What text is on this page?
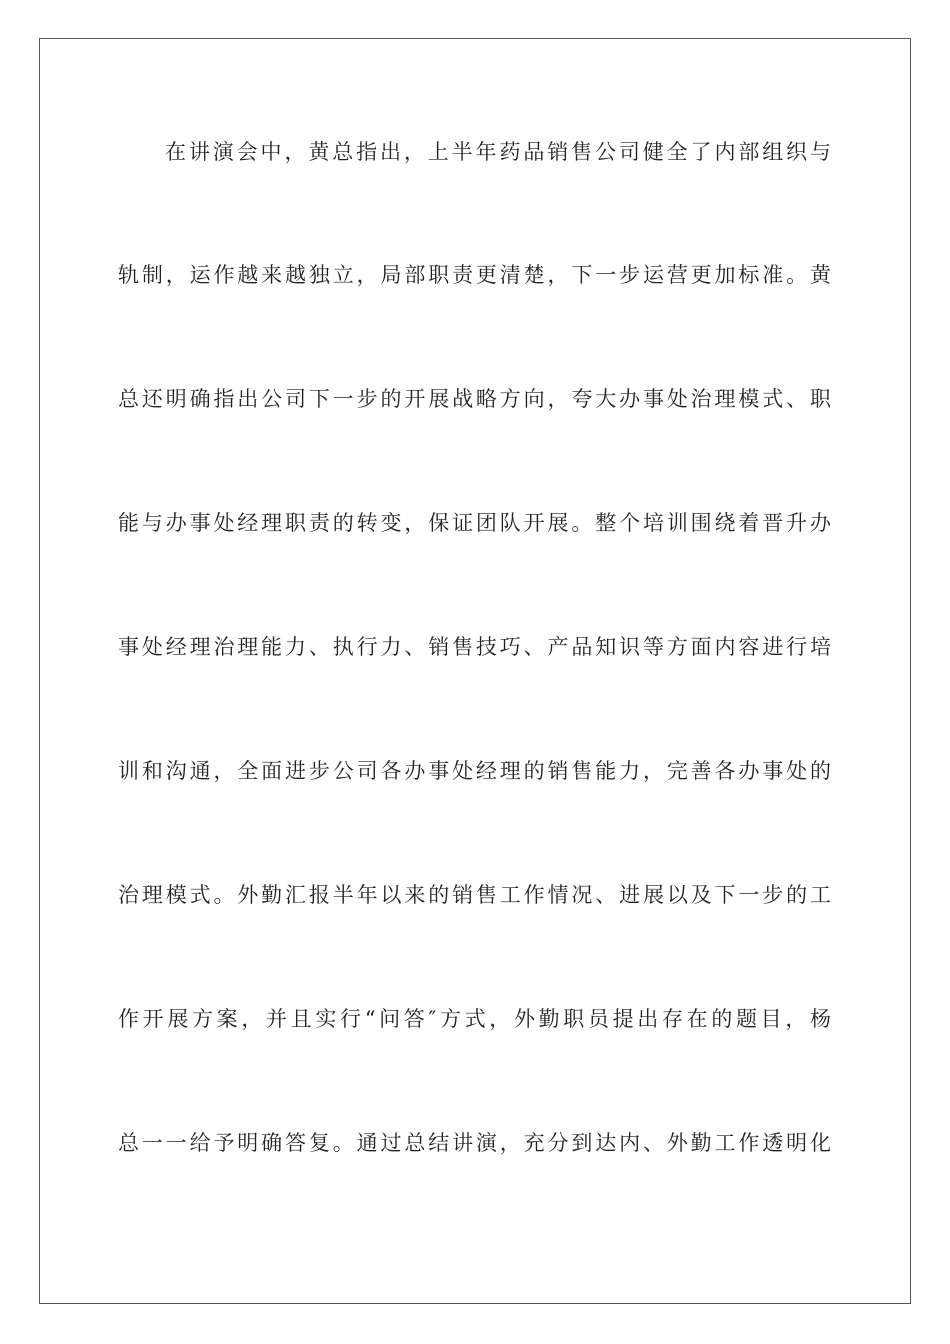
在讲演会中，黄总指出，上半年药品销售公司健全了内部组织与
轨制，运作越来越独立，局部职责更清楚，下一步运营更加标准。黄
总还明确指出公司下一步的开展战略方向，夸大办事处治理模式、职
能与办事处经理职责的转变，保证团队开展。整个培训围绕着晋升办
事处经理治理能力、执行力、销售技巧、产品知识等方面内容进行培
训和沟通，全面进步公司各办事处经理的销售能力，完善各办事处的
治理模式。外勤汇报半年以来的销售工作情况、进展以及下一步的工
作开展方案，并且实行“问答″方式，外勤职员提出存在的题目，杨
总一一给予明确答复。通过总结讲演，充分到达内、外勤工作透明化
